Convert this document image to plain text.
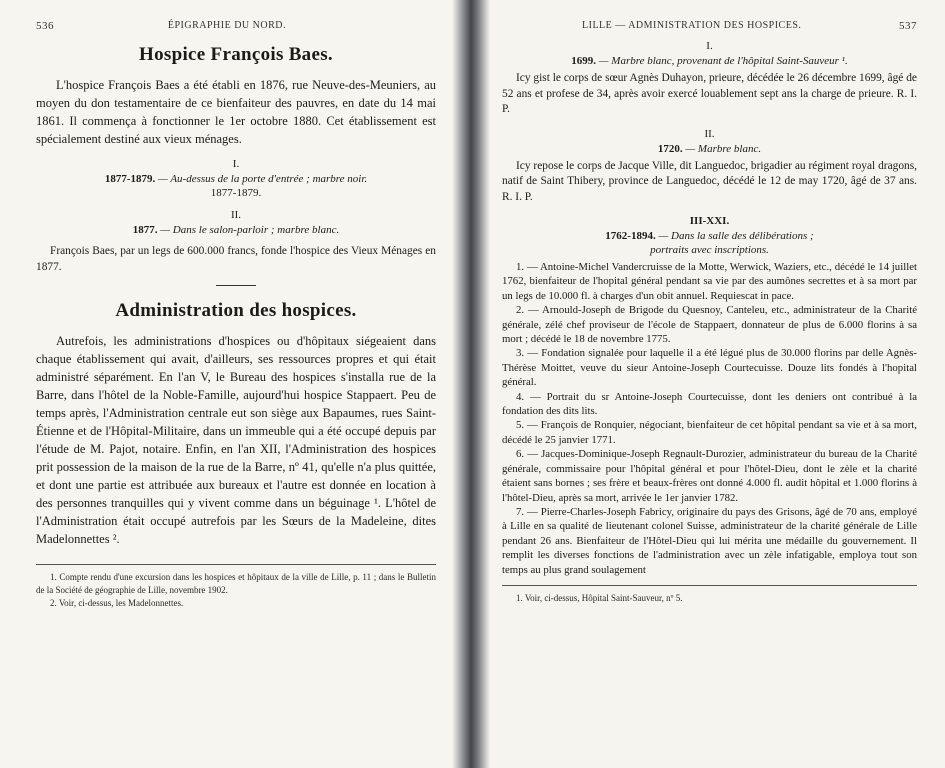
536	ÉPIGRAPHIE DU NORD.
Hospice François Baes.

L'hospice François Baes a été établi en 1876, rue Neuve-des-Meuniers, au moyen du don testamentaire de ce bienfaiteur des pauvres, en date du 14 mai 1861. Il commença à fonctionner le 1er octobre 1880. Cet établissement est spécialement destiné aux vieux ménages.

I.
1877-1879. — Au-dessus de la porte d'entrée ; marbre noir.
1877-1879.
II.
1877. — Dans le salon-parloir ; marbre blanc.

François Baes, par un legs de 600.000 francs, fonde l'hospice des Vieux Ménages en 1877.

Administration des hospices.

Autrefois, les administrations d'hospices ou d'hôpitaux siégeaient dans chaque établissement qui avait, d'ailleurs, ses ressources propres et qui était administré séparément. En l'an V, le Bureau des hospices s'installa rue de la Barre, dans l'hôtel de la Noble-Famille, aujourd'hui hospice Stappaert. Peu de temps après, l'Administration centrale eut son siège aux Bapaumes, rues Saint-Étienne et de l'Hôpital-Militaire, dans un immeuble qui a été occupé depuis par l'étude de M. Pajot, notaire. Enfin, en l'an XII, l'Administration des hospices prit possession de la maison de la rue de la Barre, nº 41, qu'elle n'a plus quittée, et dont une partie est attribuée aux bureaux et l'autre est donnée en location à des personnes tranquilles qui y vivent comme dans un béguinage ¹. L'hôtel de l'Administration était occupé autrefois par les Sœurs de la Madeleine, dites Madelonnettes ².

1. Compte rendu d'une excursion dans les hospices et hôpitaux de la ville de Lille, p. 11 ; dans le Bulletin de la Société de géographie de Lille, novembre 1902.

2. Voir, ci-dessus, les Madelonnettes.

LILLE — ADMINISTRATION DES HOSPICES.	537
I.
1699. — Marbre blanc, provenant de l'hôpital Saint-Sauveur ¹.

Icy gist le corps de sœur Agnès Duhayon, prieure, décédée le 26 décembre 1699, âgé de 52 ans et profese de 34, après avoir exercé louablement sept ans la charge de prieure. R. I. P.

II.
1720. — Marbre blanc.

Icy repose le corps de Jacque Ville, dit Languedoc, brigadier au régiment royal dragons, natif de Saint Thibery, province de Languedoc, décédé le 12 de may 1720, âgé de 37 ans. R. I. P.

III-XXI.
1762-1894. — Dans la salle des délibérations ;
portraits avec inscriptions.

1. — Antoine-Michel Vandercruisse de la Motte, Werwick, Waziers, etc., décédé le 14 juillet 1762, bienfaiteur de l'hopital général pendant sa vie par des aumônes secrettes et à sa mort par un legs de 10.000 fl. à charges d'un obit annuel. Requiescat in pace.

2. — Arnould-Joseph de Brigode du Quesnoy, Canteleu, etc., administrateur de la Charité générale, zélé chef proviseur de l'école de Stappaert, donnateur de plus de 6.000 florins à sa mort ; décédé le 18 de novembre 1775.

3. — Fondation signalée pour laquelle il a été légué plus de 30.000 florins par delle Agnès-Thérèse Moittet, veuve du sieur Antoine-Joseph Courtecuisse. Douze lits fondés à l'hopital général.

4. — Portrait du sr Antoine-Joseph Courtecuisse, dont les deniers ont contribué à la fondation des dits lits.

5. — François de Ronquier, négociant, bienfaiteur de cet hôpital pendant sa vie et à sa mort, décédé le 25 janvier 1771.

6. — Jacques-Dominique-Joseph Regnault-Durozier, administrateur du bureau de la Charité générale, commissaire pour l'hôpital général et pour l'hôtel-Dieu, dont le zèle et la charité étaient sans bornes ; ses frère et beaux-frères ont donné 4.000 fl. audit hôpital et 1.000 florins à l'hôtel-Dieu, après sa mort, arrivée le 1er janvier 1782.

7. — Pierre-Charles-Joseph Fabricy, originaire du pays des Grisons, âgé de 70 ans, employé à Lille en sa qualité de lieutenant colonel Suisse, administrateur de la charité générale de Lille pendant 26 ans. Bienfaiteur de l'Hôtel-Dieu qui lui mérita une médaille du gouvernement. Il remplit les diverses fonctions de l'administration avec un zèle infatigable, employa tout son temps au plus grand soulagement

1. Voir, ci-dessus, Hôpital Saint-Sauveur, nº 5.
